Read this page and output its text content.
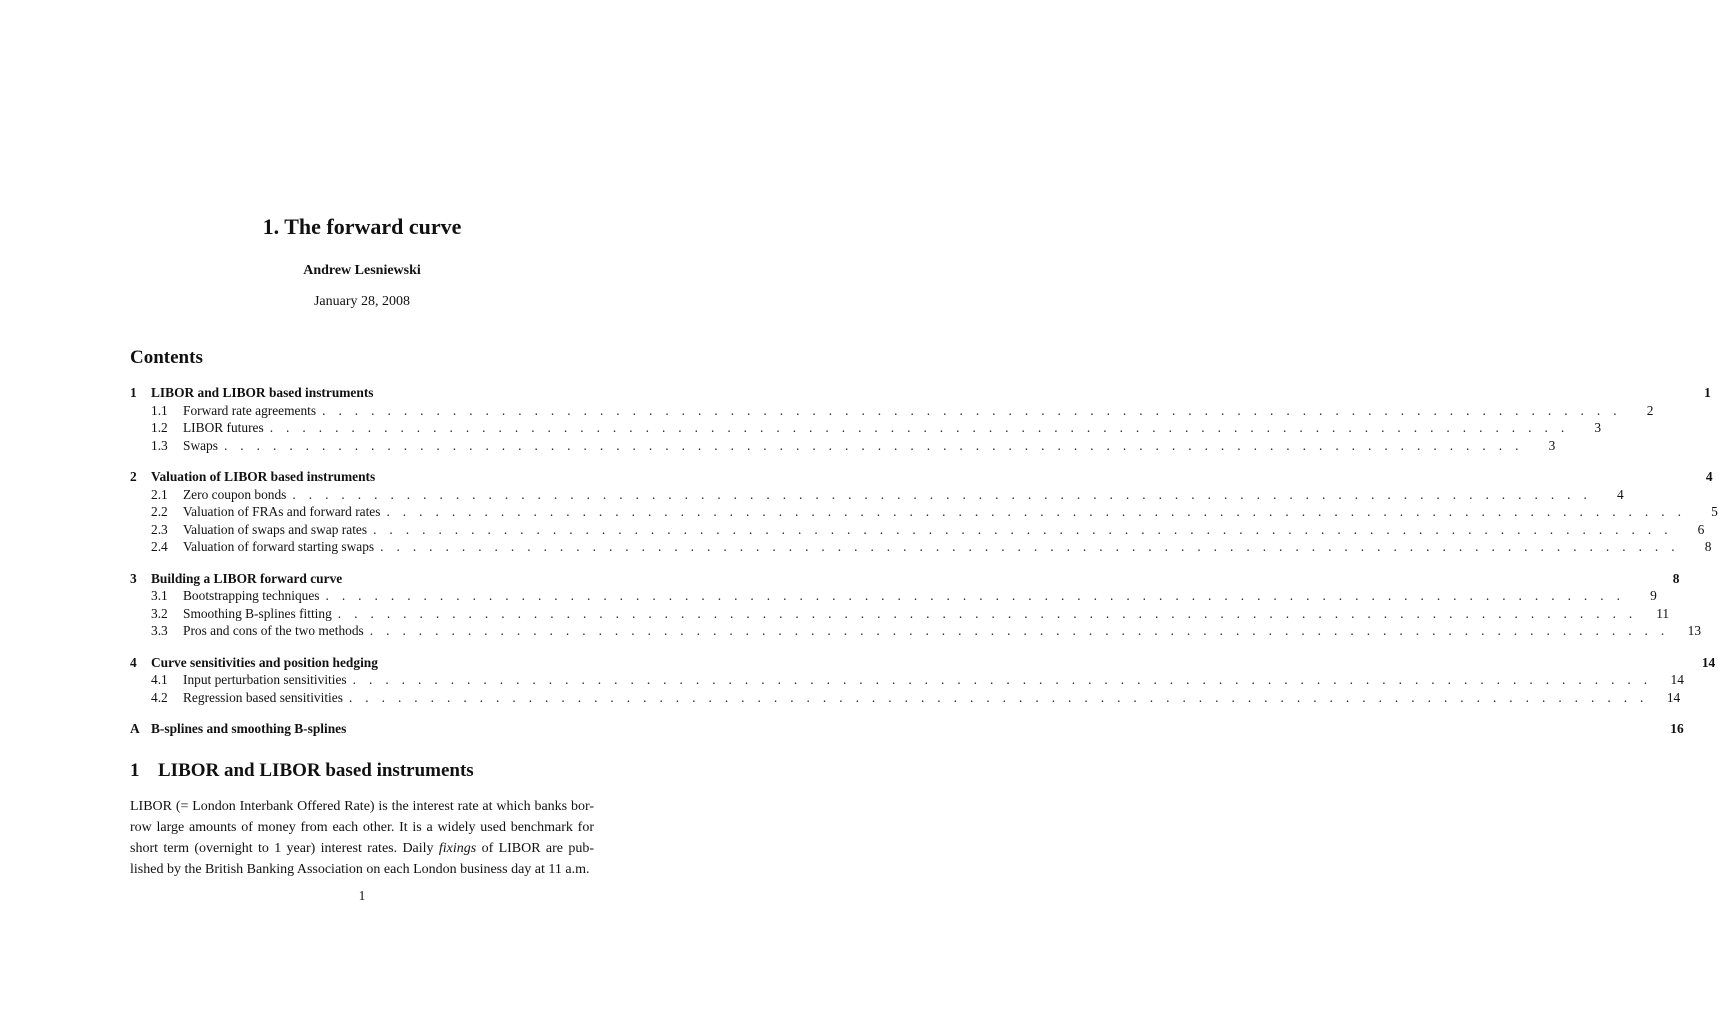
1. The forward curve
Andrew Lesniewski
January 28, 2008
Contents
1	LIBOR and LIBOR based instruments	1
1.1	Forward rate agreements . . . . . . . . . . . . . . . . . . . . . . . . . . . . . . . . . . . . . . . . . . . . . . . . . . . . . . . . . . . . . . . . . . . . . . . . . . . . . . . .	2
1.2	LIBOR futures . . . . . . . . . . . . . . . . . . . . . . . . . . . . . . . . . . . . . . . . . . . . . . . . . . . . . . . . . . . . . . . . . . . . . . . . . . . . . . . .	3
1.3	Swaps . . . . . . . . . . . . . . . . . . . . . . . . . . . . . . . . . . . . . . . . . . . . . . . . . . . . . . . . . . . . . . . . . . . . . . . . . . . . . . . .	3
2	Valuation of LIBOR based instruments	4
2.1	Zero coupon bonds . . . . . . . . . . . . . . . . . . . . . . . . . . . . . . . . . . . . . . . . . . . . . . . . . . . . . . . . . . . . . . . . . . . . . . . . . . . . . . . .	4
2.2	Valuation of FRAs and forward rates . . . . . . . . . . . . . . . . . . . . . . . . . . . . . . . . . . . . . . . . . . . . . . . . . . . . . . . . . . . . . . . . . . . . . . . . . . . . . . . .	5
2.3	Valuation of swaps and swap rates . . . . . . . . . . . . . . . . . . . . . . . . . . . . . . . . . . . . . . . . . . . . . . . . . . . . . . . . . . . . . . . . . . . . . . . . . . . . . . . .	6
2.4	Valuation of forward starting swaps . . . . . . . . . . . . . . . . . . . . . . . . . . . . . . . . . . . . . . . . . . . . . . . . . . . . . . . . . . . . . . . . . . . . . . . . . . . . . . . .	8
3	Building a LIBOR forward curve	8
3.1	Bootstrapping techniques . . . . . . . . . . . . . . . . . . . . . . . . . . . . . . . . . . . . . . . . . . . . . . . . . . . . . . . . . . . . . . . . . . . . . . . . . . . . . . . .	9
3.2	Smoothing B-splines fitting . . . . . . . . . . . . . . . . . . . . . . . . . . . . . . . . . . . . . . . . . . . . . . . . . . . . . . . . . . . . . . . . . . . . . . . . . . . . . . . .	11
3.3	Pros and cons of the two methods . . . . . . . . . . . . . . . . . . . . . . . . . . . . . . . . . . . . . . . . . . . . . . . . . . . . . . . . . . . . . . . . . . . . . . . . . . . . . . . .	13
4	Curve sensitivities and position hedging	14
4.1	Input perturbation sensitivities . . . . . . . . . . . . . . . . . . . . . . . . . . . . . . . . . . . . . . . . . . . . . . . . . . . . . . . . . . . . . . . . . . . . . . . . . . . . . . . .	14
4.2	Regression based sensitivities . . . . . . . . . . . . . . . . . . . . . . . . . . . . . . . . . . . . . . . . . . . . . . . . . . . . . . . . . . . . . . . . . . . . . . . . . . . . . . . .	14
A B-splines and smoothing B-splines	16
1 LIBOR and LIBOR based instruments

LIBOR (= London Interbank Offered Rate) is the interest rate at which banks bor-
row large amounts of money from each other. It is a widely used benchmark for
short term (overnight to 1 year) interest rates. Daily fixings of LIBOR are pub-
lished by the British Banking Association on each London business day at 11 a.m.

1
